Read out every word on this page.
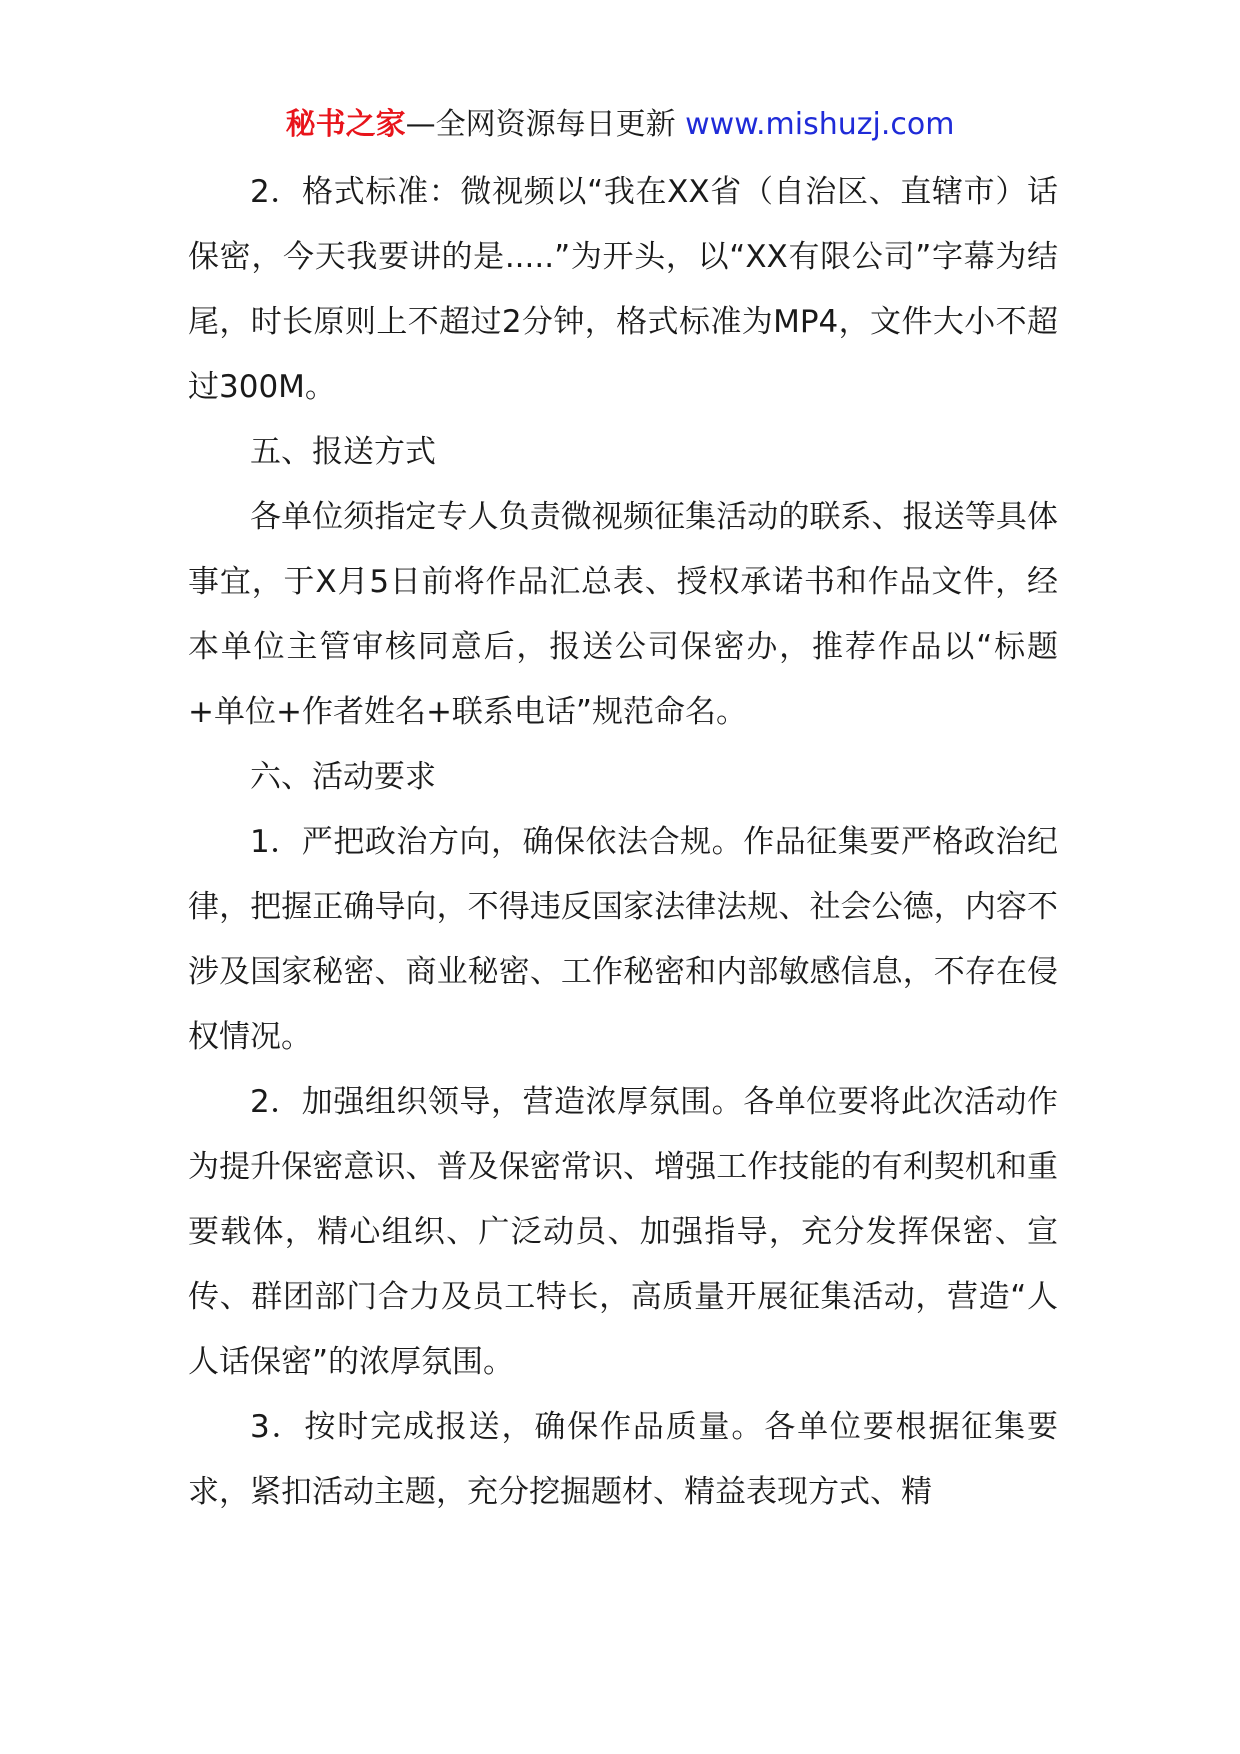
秘书之家—全网资源每日更新 www.mishuzj.com

2．格式标准：微视频以“我在XX省（自治区、直辖市）话保密，今天我要讲的是.....”为开头，以“XX有限公司”字幕为结尾，时长原则上不超过2分钟，格式标准为MP4，文件大小不超过300M。

五、报送方式

各单位须指定专人负责微视频征集活动的联系、报送等具体事宜，于X月5日前将作品汇总表、授权承诺书和作品文件，经本单位主管审核同意后，报送公司保密办，推荐作品以“标题+单位+作者姓名+联系电话”规范命名。

六、活动要求

1．严把政治方向，确保依法合规。作品征集要严格政治纪律，把握正确导向，不得违反国家法律法规、社会公德，内容不涉及国家秘密、商业秘密、工作秘密和内部敏感信息，不存在侵权情况。

2．加强组织领导，营造浓厚氛围。各单位要将此次活动作为提升保密意识、普及保密常识、增强工作技能的有利契机和重要载体，精心组织、广泛动员、加强指导，充分发挥保密、宣传、群团部门合力及员工特长，高质量开展征集活动，营造“人人话保密”的浓厚氛围。

3．按时完成报送，确保作品质量。各单位要根据征集要求，紧扣活动主题，充分挖掘题材、精益表现方式、精
